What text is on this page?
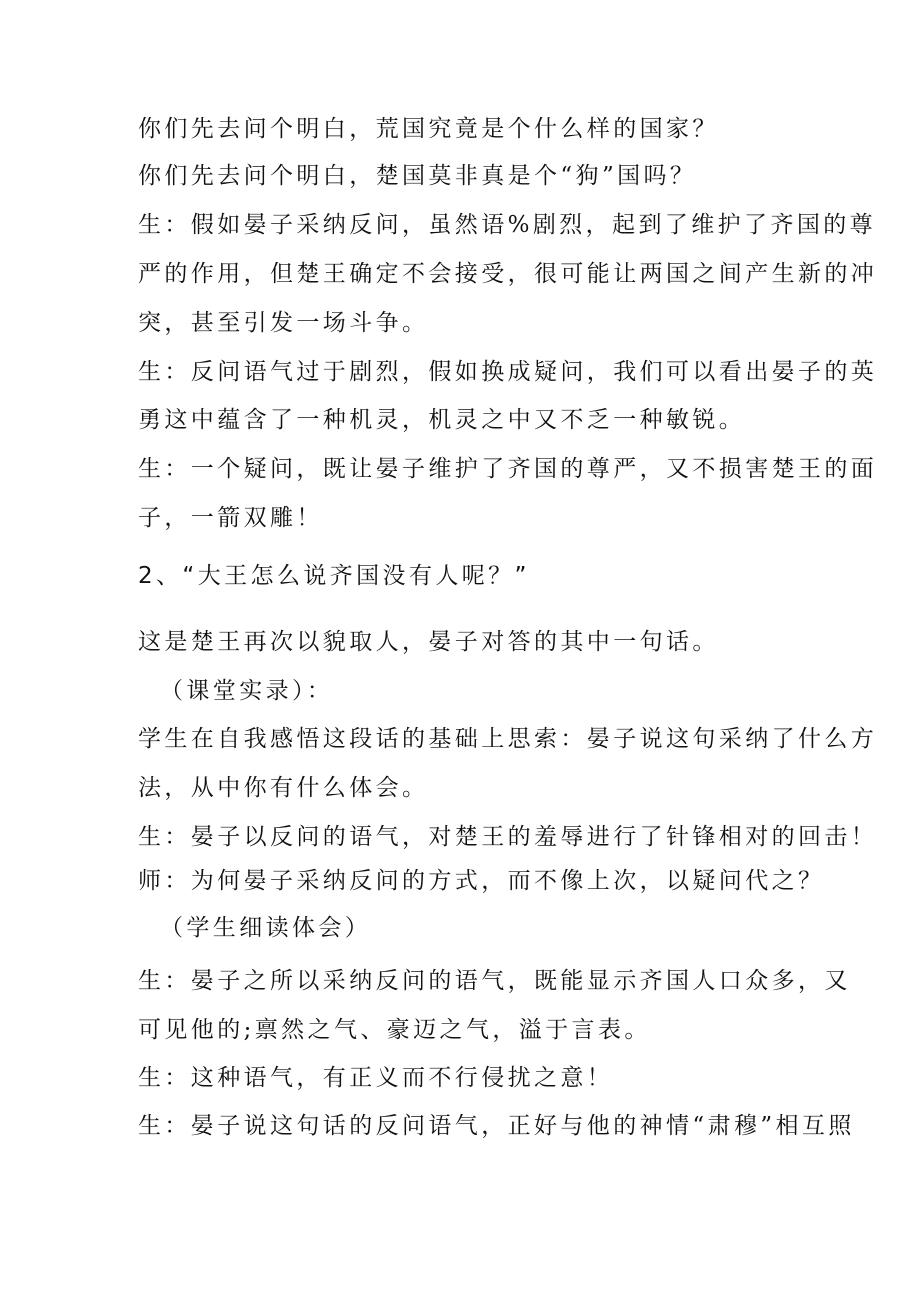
你们先去问个明白，荒国究竟是个什么样的国家？
你们先去问个明白，楚国莫非真是个“狗”国吗？
生：假如晏子采纳反问，虽然语%剧烈，起到了维护了齐国的尊
严的作用，但楚王确定不会接受，很可能让两国之间产生新的冲
突，甚至引发一场斗争。
生：反问语气过于剧烈，假如换成疑问，我们可以看出晏子的英
勇这中蕴含了一种机灵，机灵之中又不乏一种敏锐。
生：一个疑问，既让晏子维护了齐国的尊严，又不损害楚王的面
子，一箭双雕！
2、“大王怎么说齐国没有人呢？”
这是楚王再次以貌取人，晏子对答的其中一句话。
（课堂实录）：
学生在自我感悟这段话的基础上思索：晏子说这句采纳了什么方
法，从中你有什么体会。
生：晏子以反问的语气，对楚王的羞辱进行了针锋相对的回击！
师：为何晏子采纳反问的方式，而不像上次，以疑问代之？
（学生细读体会）
生：晏子之所以采纳反问的语气，既能显示齐国人口众多，又
可见他的;禀然之气、豪迈之气，溢于言表。
生：这种语气，有正义而不行侵扰之意！
生：晏子说这句话的反问语气，正好与他的神情“肃穆”相互照
